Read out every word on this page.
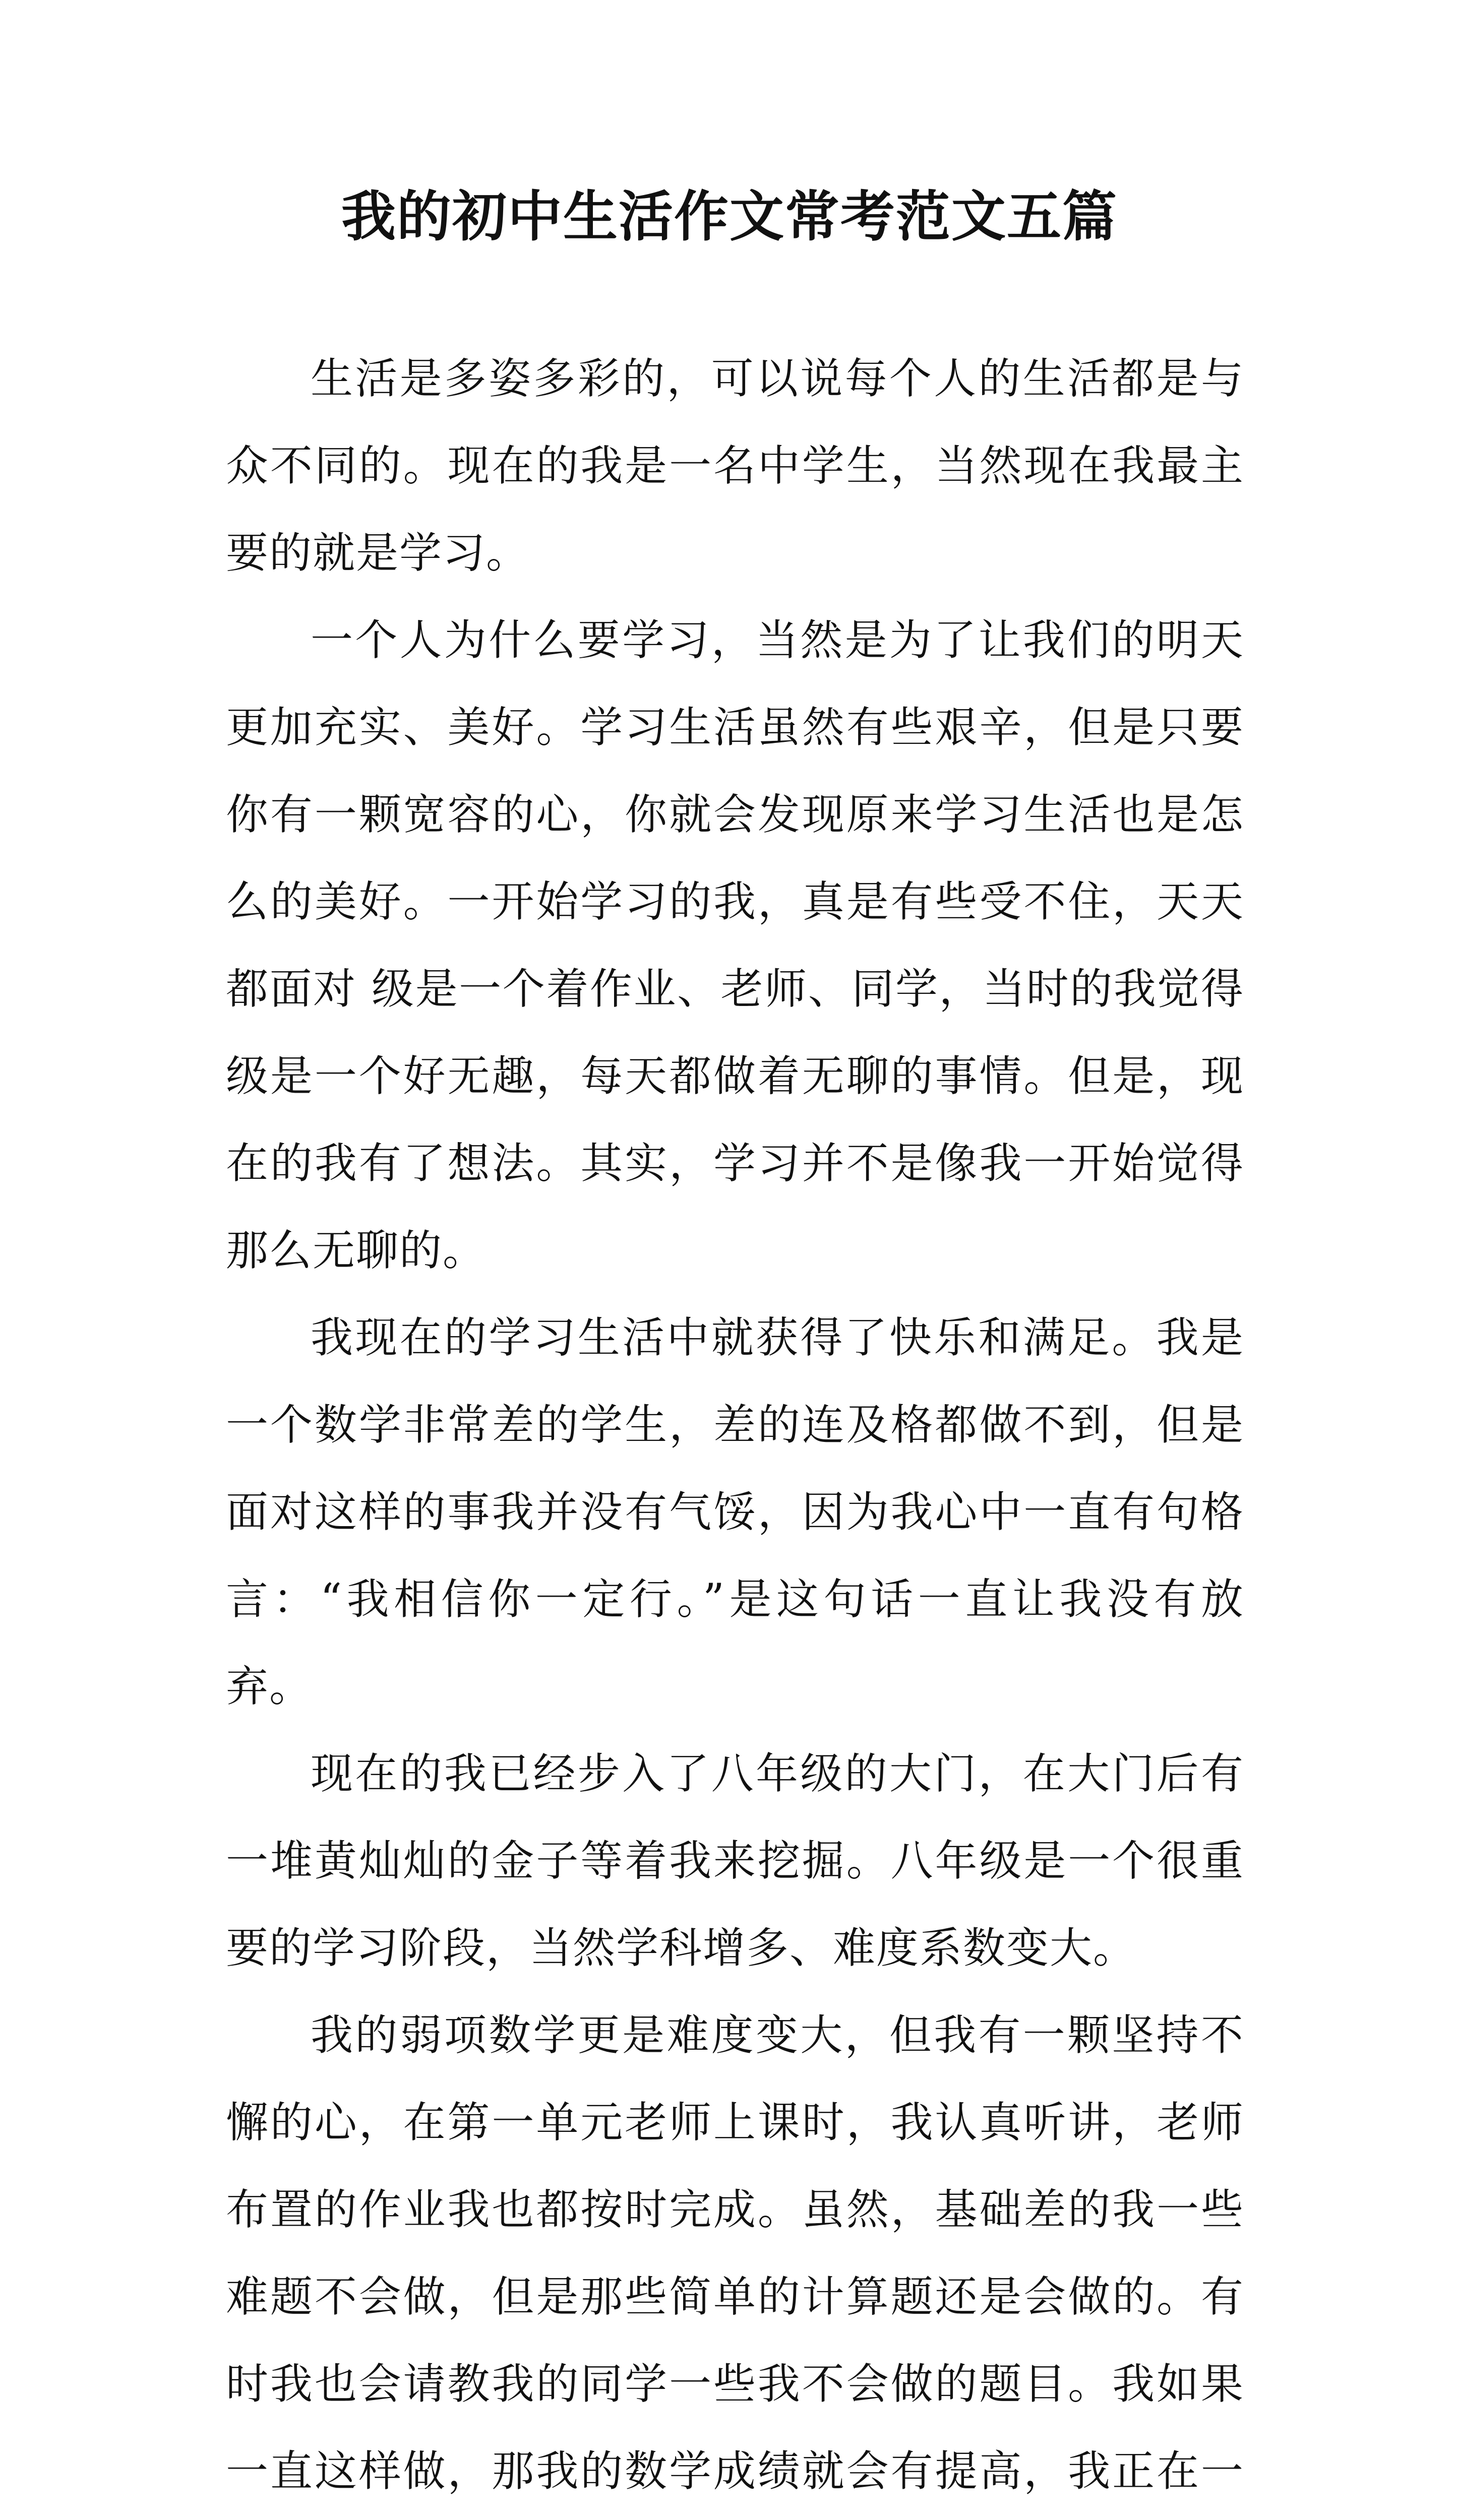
我的初中生活作文常考范文五篇

生活是多姿多彩的，可以说每个人的生活都是与众不同的。现在的我是一名中学生，当然现在我最主要的就是学习。

一个人为什么要学习，当然是为了让我们的明天更加充实、美好。学习生活虽然有些艰辛，但是只要你有一颗宽容的心，你就会发现原来学习生活也是怎么的美好。一开始学习的我，真是有些受不住，天天都面对 级是一个着作业、老师、同学，当时的我觉得级是一个好无趣，每天都做着无聊的事情。但是，现在的我有了想法。其实，学习并不是像我一开始觉得那么无聊的。

我现在的学习生活中就获得了快乐和满足。我是一个数学非常差的学生，差的连及格都做不到，但是面对这样的事我并没有气馁，因为我心中一直有句格言：“我相信你一定行。”是这句话一直让我没有放弃。

现在的我已经步入了八年级的大门，在大门后有一堆黄灿灿的金子等着我来挖掘。八年级是一个很重要的学习阶段，当然学科增多、难度系数变大。

我的弱项数学更是难度变大，但我有一颗坚持不懈的心，在第一单元老师上课时，我认真听讲，老师布置的作业我也都按时完成。虽然，基础差的我一些难题不会做，但是那些简单的计算题还是会做的。有时我也会请教我的同学一些我不会做的题目。我如果一直这样做，那我的数学成绩就会有提高，我正在一
